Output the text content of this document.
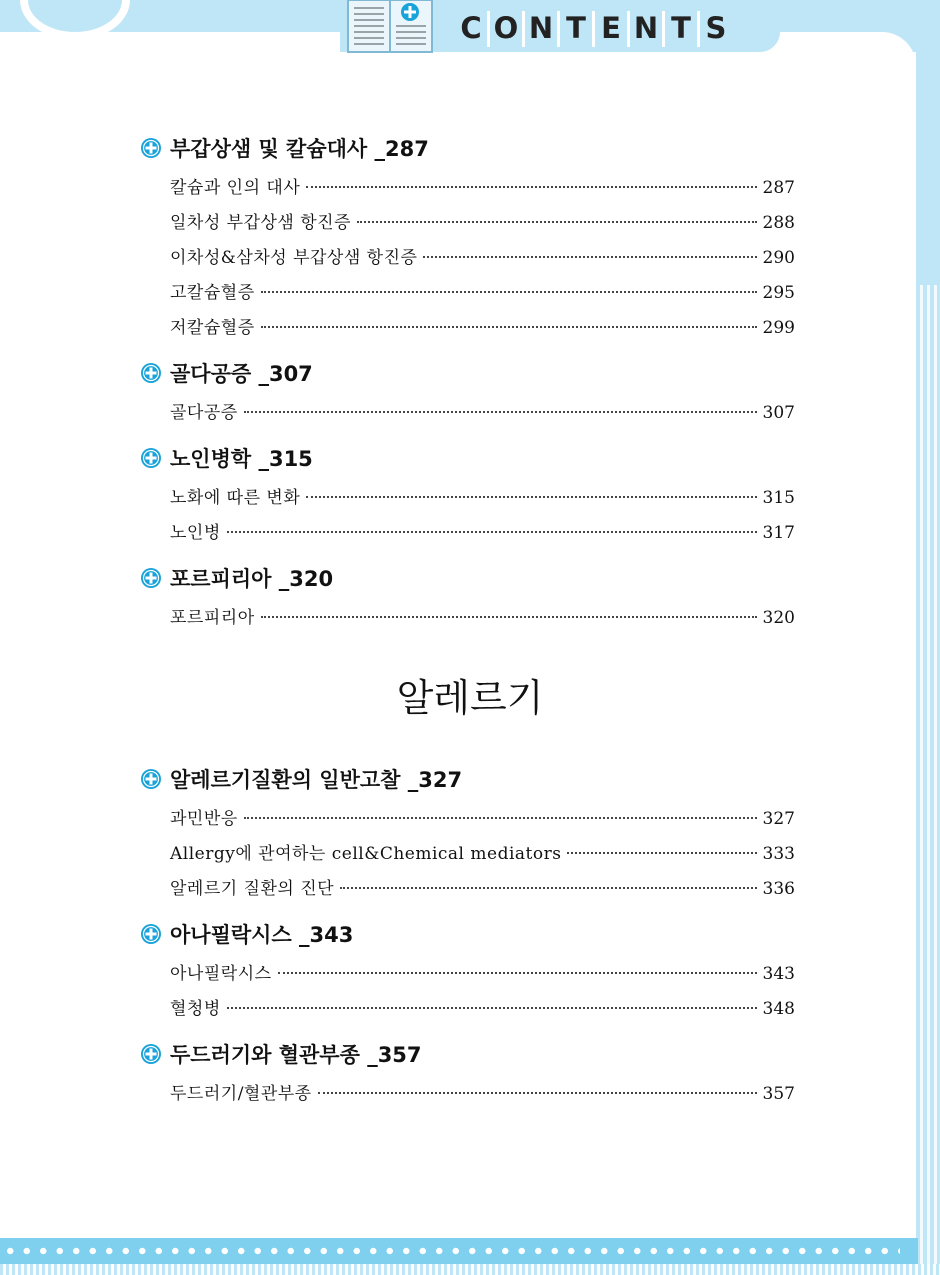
C O N T E N T S
부갑상샘 및 칼슘대사 _287
칼슘과 인의 대사	287
일차성 부갑상샘 항진증	288
이차성&삼차성 부갑상샘 항진증	290
고칼슘혈증	295
저칼슘혈증	299
골다공증 _307
골다공증	307
노인병학 _315
노화에 따른 변화	315
노인병	317
포르피리아 _320
포르피리아	320
알레르기
알레르기질환의 일반고찰 _327
과민반응	327
Allergy에 관여하는 cell&Chemical mediators	333
알레르기 질환의 진단	336
아나필락시스 _343
아나필락시스	343
혈청병	348
두드러기와 혈관부종 _357
두드러기/혈관부종	357
